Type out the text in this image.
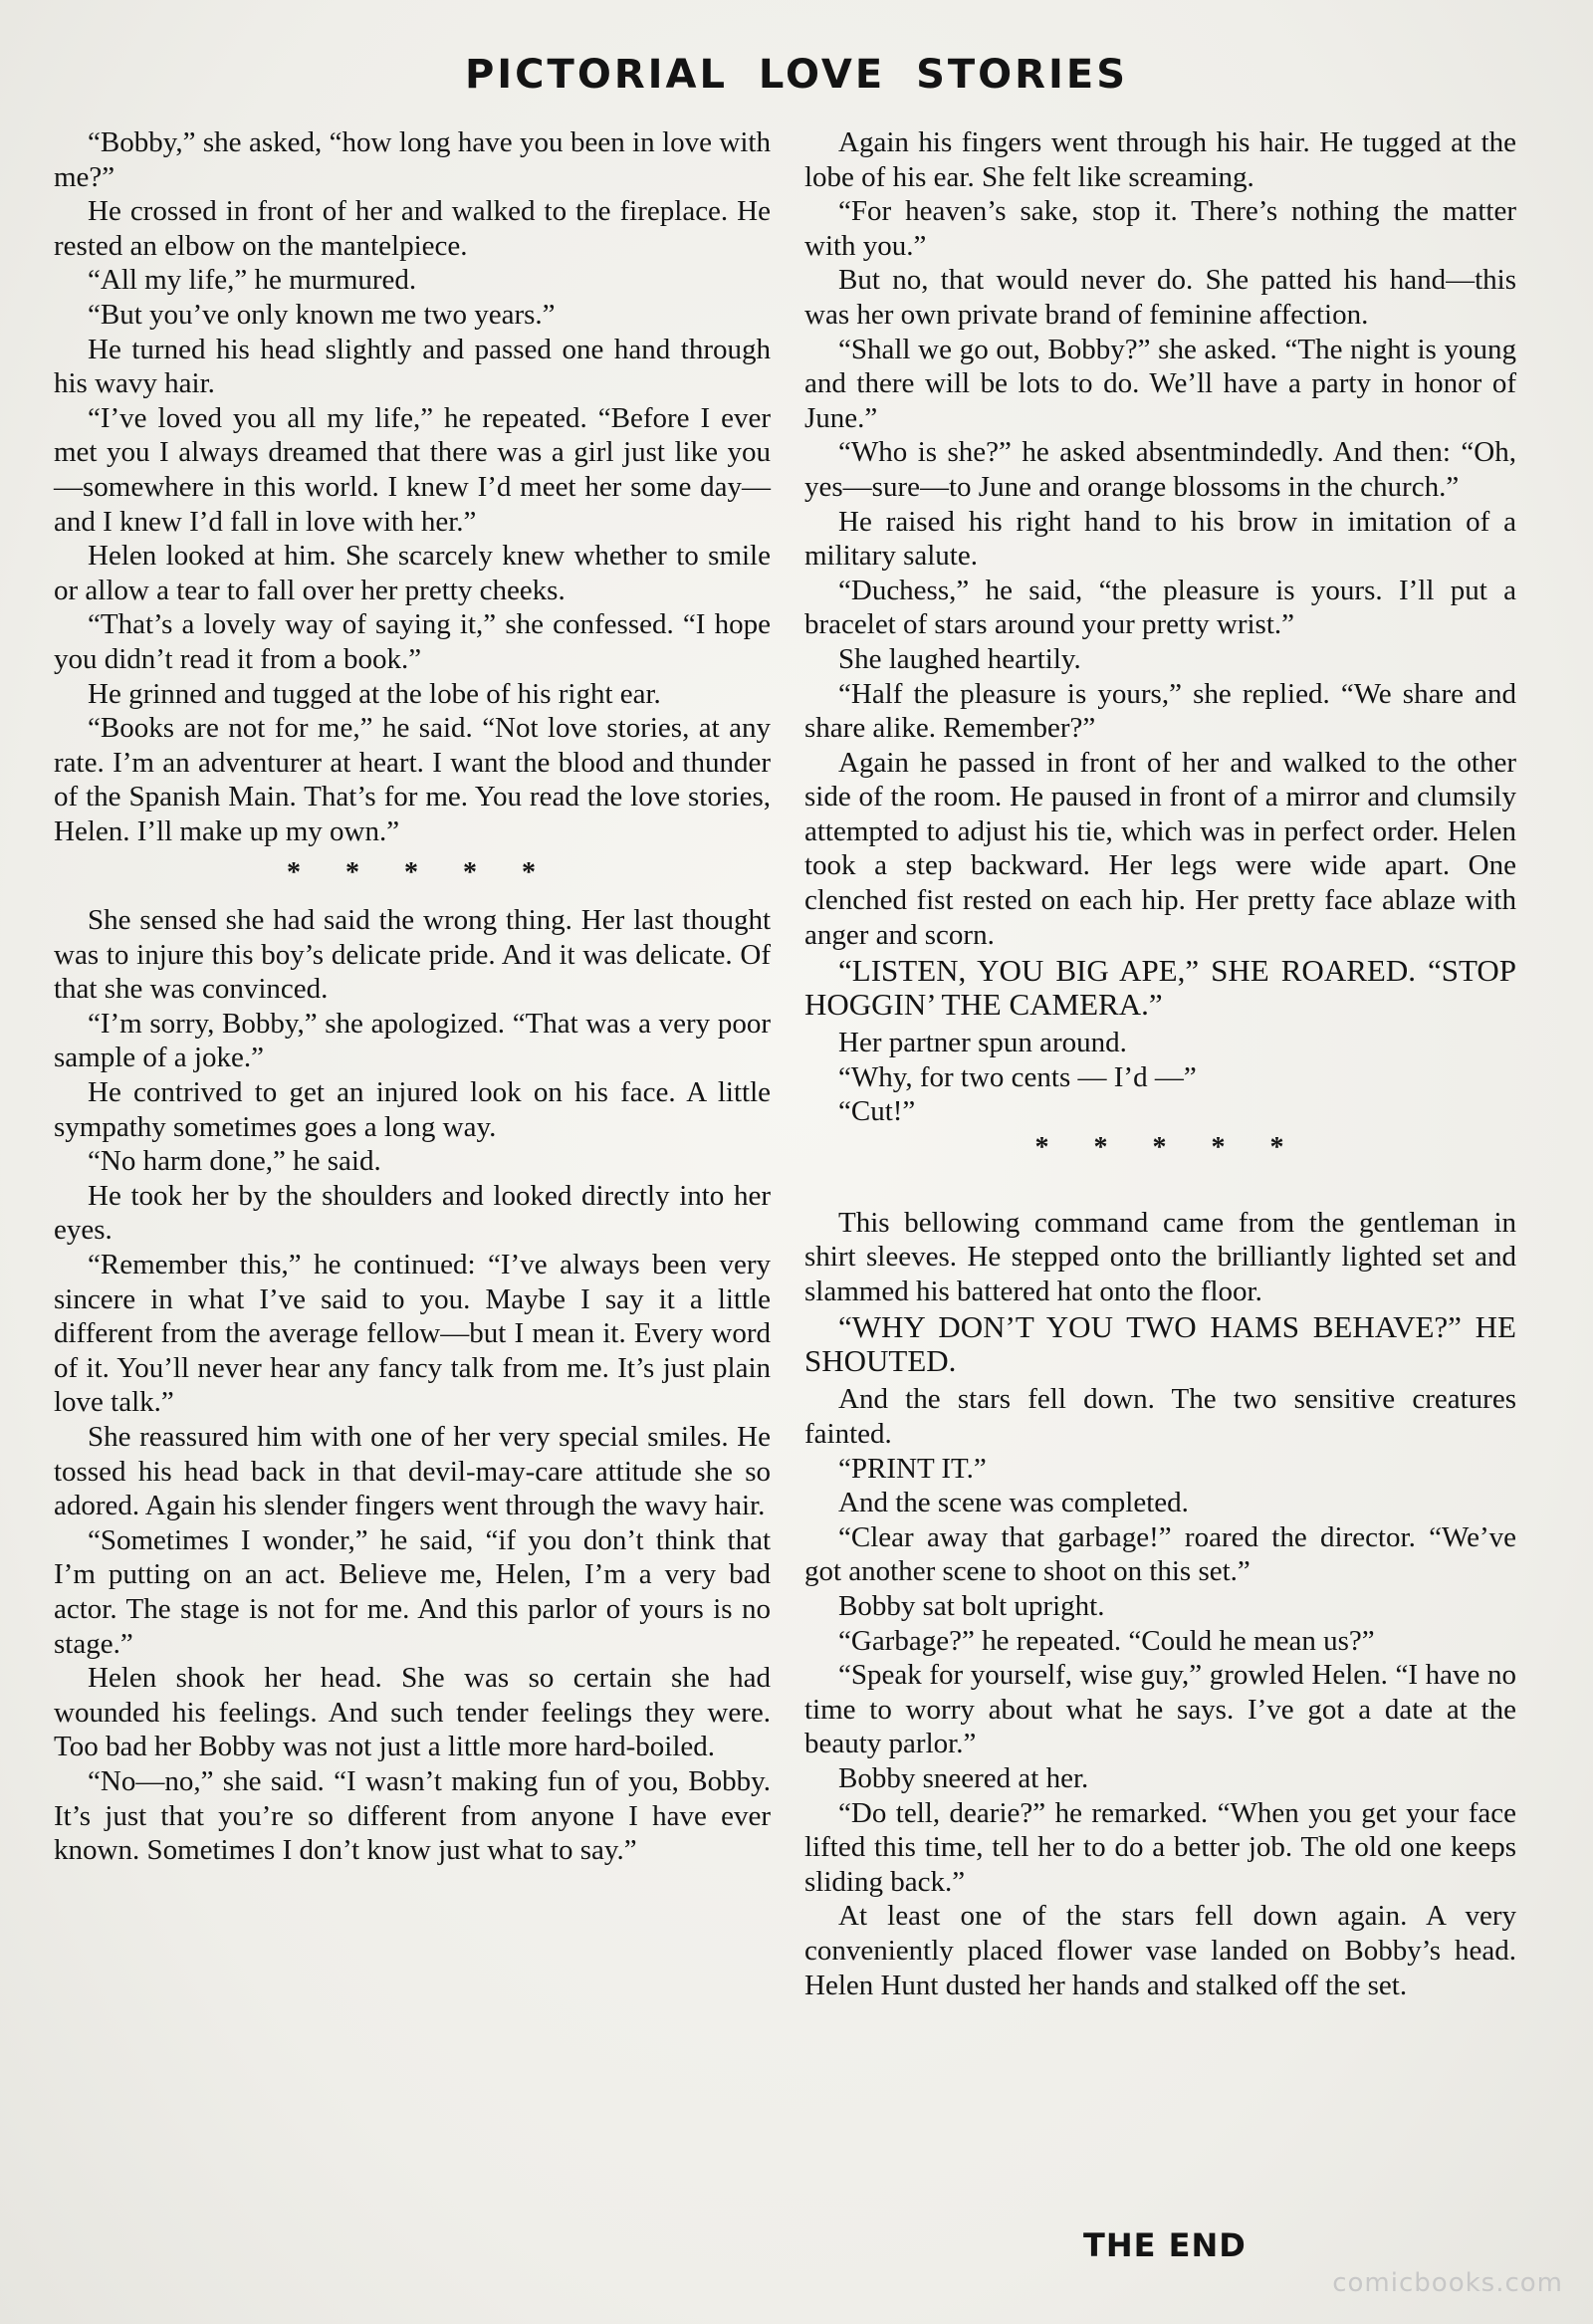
PICTORIAL LOVE STORIES

“Bobby,” she asked, “how long have you been in love with me?”

He crossed in front of her and walked to the fireplace. He rested an elbow on the mantelpiece.

“All my life,” he murmured.

“But you’ve only known me two years.”

He turned his head slightly and passed one hand through his wavy hair.

“I’ve loved you all my life,” he repeated. “Before I ever met you I always dreamed that there was a girl just like you—somewhere in this world. I knew I’d meet her some day—and I knew I’d fall in love with her.”

Helen looked at him. She scarcely knew whether to smile or allow a tear to fall over her pretty cheeks.

“That’s a lovely way of saying it,” she confessed. “I hope you didn’t read it from a book.”

He grinned and tugged at the lobe of his right ear.

“Books are not for me,” he said. “Not love stories, at any rate. I’m an adventurer at heart. I want the blood and thunder of the Spanish Main. That’s for me. You read the love stories, Helen. I’ll make up my own.”

* * * * *

She sensed she had said the wrong thing. Her last thought was to injure this boy’s delicate pride. And it was delicate. Of that she was convinced.

“I’m sorry, Bobby,” she apologized. “That was a very poor sample of a joke.”

He contrived to get an injured look on his face. A little sympathy sometimes goes a long way.

“No harm done,” he said.

He took her by the shoulders and looked directly into her eyes.

“Remember this,” he continued: “I’ve always been very sincere in what I’ve said to you. Maybe I say it a little different from the average fellow—but I mean it. Every word of it. You’ll never hear any fancy talk from me. It’s just plain love talk.”

She reassured him with one of her very special smiles. He tossed his head back in that devil-may-care attitude she so adored. Again his slender fingers went through the wavy hair.

“Sometimes I wonder,” he said, “if you don’t think that I’m putting on an act. Believe me, Helen, I’m a very bad actor. The stage is not for me. And this parlor of yours is no stage.”

Helen shook her head. She was so certain she had wounded his feelings. And such tender feelings they were. Too bad her Bobby was not just a little more hard-boiled.

“No—no,” she said. “I wasn’t making fun of you, Bobby. It’s just that you’re so different from anyone I have ever known. Sometimes I don’t know just what to say.”

Again his fingers went through his hair. He tugged at the lobe of his ear. She felt like screaming.

“For heaven’s sake, stop it. There’s nothing the matter with you.”

But no, that would never do. She patted his hand—this was her own private brand of feminine affection.

“Shall we go out, Bobby?” she asked. “The night is young and there will be lots to do. We’ll have a party in honor of June.”

“Who is she?” he asked absentmindedly. And then: “Oh, yes—sure—to June and orange blossoms in the church.”

He raised his right hand to his brow in imitation of a military salute.

“Duchess,” he said, “the pleasure is yours. I’ll put a bracelet of stars around your pretty wrist.”

She laughed heartily.

“Half the pleasure is yours,” she replied. “We share and share alike. Remember?”

Again he passed in front of her and walked to the other side of the room. He paused in front of a mirror and clumsily attempted to adjust his tie, which was in perfect order. Helen took a step backward. Her legs were wide apart. One clenched fist rested on each hip. Her pretty face ablaze with anger and scorn.

“LISTEN, YOU BIG APE,” SHE ROARED. “STOP HOGGIN’ THE CAMERA.”

Her partner spun around.

“Why, for two cents — I’d —”

“Cut!”

* * * * *

This bellowing command came from the gentleman in shirt sleeves. He stepped onto the brilliantly lighted set and slammed his battered hat onto the floor.

“WHY DON’T YOU TWO HAMS BEHAVE?” HE SHOUTED.

And the stars fell down. The two sensitive creatures fainted.

“PRINT IT.”

And the scene was completed.

“Clear away that garbage!” roared the director. “We’ve got another scene to shoot on this set.”

Bobby sat bolt upright.

“Garbage?” he repeated. “Could he mean us?”

“Speak for yourself, wise guy,” growled Helen. “I have no time to worry about what he says. I’ve got a date at the beauty parlor.”

Bobby sneered at her.

“Do tell, dearie?” he remarked. “When you get your face lifted this time, tell her to do a better job. The old one keeps sliding back.”

At least one of the stars fell down again. A very conveniently placed flower vase landed on Bobby’s head. Helen Hunt dusted her hands and stalked off the set.

THE END
comicbooks.com
